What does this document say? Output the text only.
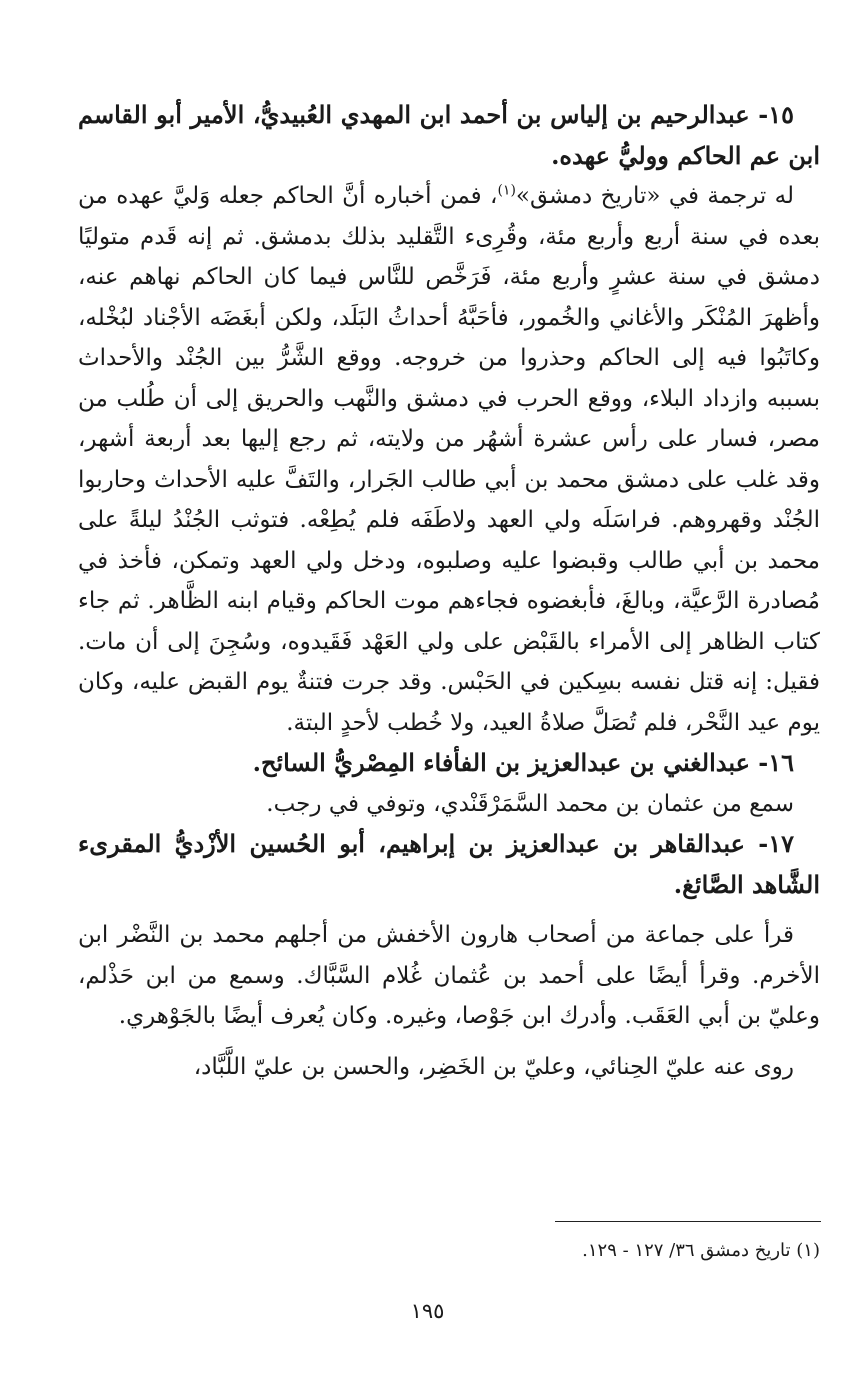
١٥- عبدالرحيم بن إلياس بن أحمد ابن المهدي العُبيديُّ، الأمير أبو القاسم ابن عم الحاكم ووليُّ عهده.

له ترجمة في «تاريخ دمشق»$^{(١)}$، فمن أخباره أنَّ الحاكم جعله وَليَّ عهده من بعده في سنة أربع وأربع مئة، وقُرِىء التَّقليد بذلك بدمشق. ثم إنه قَدم متوليًا دمشق في سنة عشرٍ وأربع مئة، فَرَخَّص للنَّاس فيما كان الحاكم نهاهم عنه، وأظهرَ المُنْكَر والأغاني والخُمور، فأحَبَّهُ أحداثُ البَلَد، ولكن أبغَضَه الأجْناد لبُخْله، وكاتَبُوا فيه إلى الحاكم وحذروا من خروجه. ووقع الشَّرُّ بين الجُنْد والأحداث بسببه وازداد البلاء، ووقع الحرب في دمشق والنَّهب والحريق إلى أن طُلب من مصر، فسار على رأس عشرة أشهُر من ولايته، ثم رجع إليها بعد أربعة أشهر، وقد غلب على دمشق محمد بن أبي طالب الجَرار، والتَفَّ عليه الأحداث وحاربوا الجُنْد وقهروهم. فراسَلَه ولي العهد ولاطَفَه فلم يُطِعْه. فتوثب الجُنْدُ ليلةً على محمد بن أبي طالب وقبضوا عليه وصلبوه، ودخل ولي العهد وتمكن، فأخذ في مُصادرة الرَّعيَّة، وبالغَ، فأبغضوه فجاءهم موت الحاكم وقيام ابنه الظَّاهر. ثم جاء كتاب الظاهر إلى الأمراء بالقَبْض على ولي العَهْد فَقَيدوه، وسُجِنَ إلى أن مات. فقيل: إنه قتل نفسه بسِكين في الحَبْس. وقد جرت فتنةٌ يوم القبض عليه، وكان يوم عيد النَّحْر، فلم تُصَلَّ صلاةُ العيد، ولا خُطب لأحدٍ البتة.

١٦- عبدالغني بن عبدالعزيز بن الفأفاء المِصْريُّ السائح.

سمع من عثمان بن محمد السَّمَرْقَنْدي، وتوفي في رجب.

١٧- عبدالقاهر بن عبدالعزيز بن إبراهيم، أبو الحُسين الأزْديُّ المقرىء الشَّاهد الصَّائغ.

قرأ على جماعة من أصحاب هارون الأخفش من أجلهم محمد بن النَّضْر ابن الأخرم. وقرأ أيضًا على أحمد بن عُثمان غُلام السَّبَّاك. وسمع من ابن حَذْلم، وعليّ بن أبي العَقَب. وأدرك ابن جَوْصا، وغيره. وكان يُعرف أيضًا بالجَوْهري.

روى عنه عليّ الحِنائي، وعليّ بن الخَضِر، والحسن بن عليّ اللَّبَّاد،

(١) تاريخ دمشق ٣٦/ ١٢٧ - ١٢٩.
١٩٥
